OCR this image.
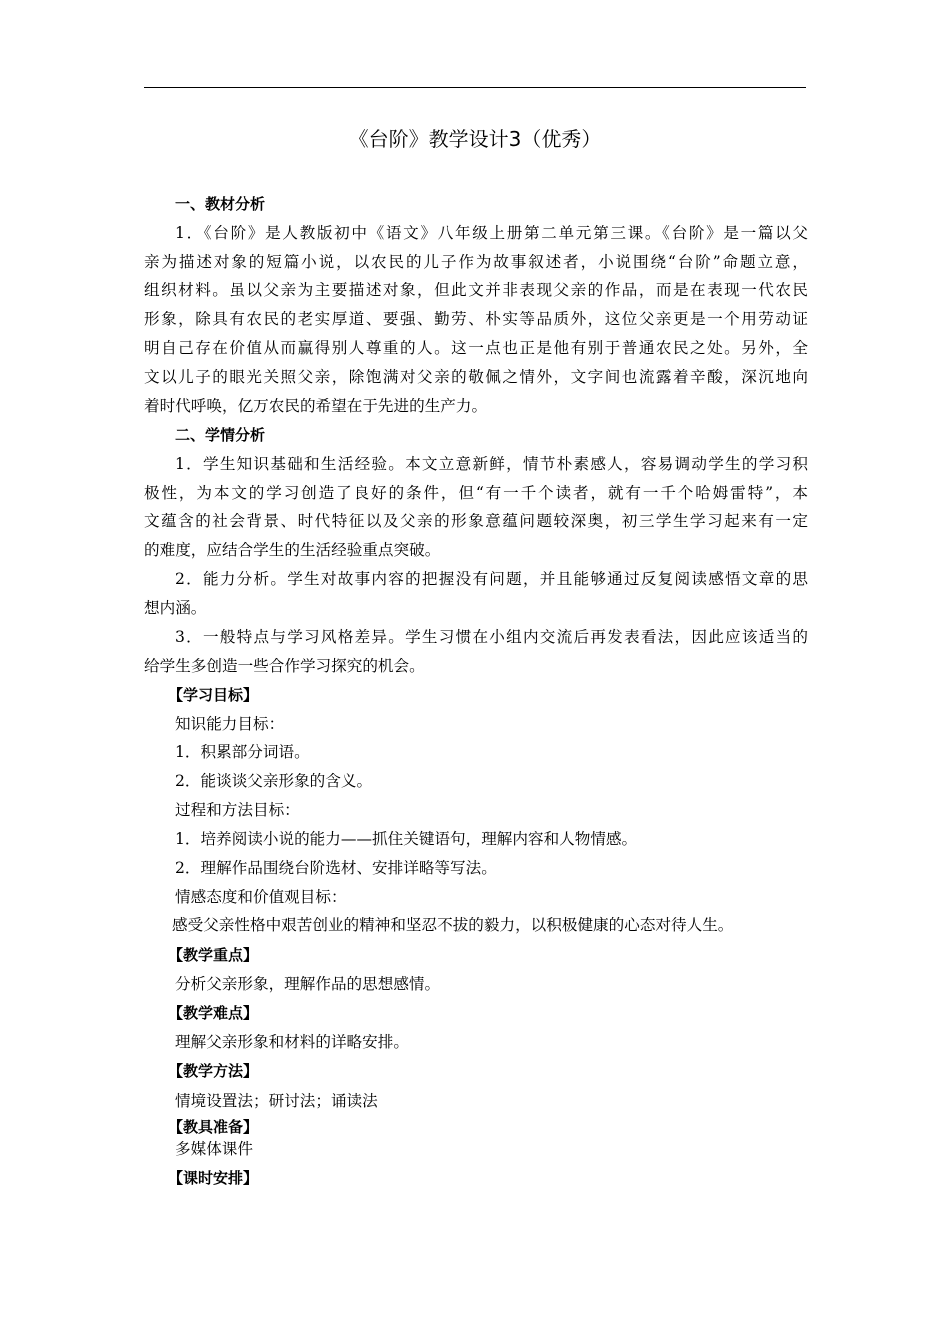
《台阶》教学设计3（优秀）
一、教材分析
1．《台阶》是人教版初中《语文》八年级上册第二单元第三课。《台阶》是一篇以父
亲为描述对象的短篇小说，以农民的儿子作为故事叙述者，小说围绕“台阶”命题立意，
组织材料。虽以父亲为主要描述对象，但此文并非表现父亲的作品，而是在表现一代农民
形象，除具有农民的老实厚道、要强、勤劳、朴实等品质外，这位父亲更是一个用劳动证
明自己存在价值从而赢得别人尊重的人。这一点也正是他有别于普通农民之处。另外，全
文以儿子的眼光关照父亲，除饱满对父亲的敬佩之情外，文字间也流露着辛酸，深沉地向
着时代呼唤，亿万农民的希望在于先进的生产力。
二、学情分析
1．学生知识基础和生活经验。本文立意新鲜，情节朴素感人，容易调动学生的学习积
极性，为本文的学习创造了良好的条件，但“有一千个读者，就有一千个哈姆雷特”，本
文蕴含的社会背景、时代特征以及父亲的形象意蕴问题较深奥，初三学生学习起来有一定
的难度，应结合学生的生活经验重点突破。
2．能力分析。学生对故事内容的把握没有问题，并且能够通过反复阅读感悟文章的思
想内涵。
3．一般特点与学习风格差异。学生习惯在小组内交流后再发表看法，因此应该适当的
给学生多创造一些合作学习探究的机会。
【学习目标】
知识能力目标：
1．积累部分词语。
2．能谈谈父亲形象的含义。
过程和方法目标：
1．培养阅读小说的能力——抓住关键语句，理解内容和人物情感。
2．理解作品围绕台阶选材、安排详略等写法。
情感态度和价值观目标：
感受父亲性格中艰苦创业的精神和坚忍不拔的毅力，以积极健康的心态对待人生。
【教学重点】
分析父亲形象，理解作品的思想感情。
【教学难点】
理解父亲形象和材料的详略安排。
【教学方法】
情境设置法；研讨法；诵读法
【教具准备】
多媒体课件
【课时安排】
